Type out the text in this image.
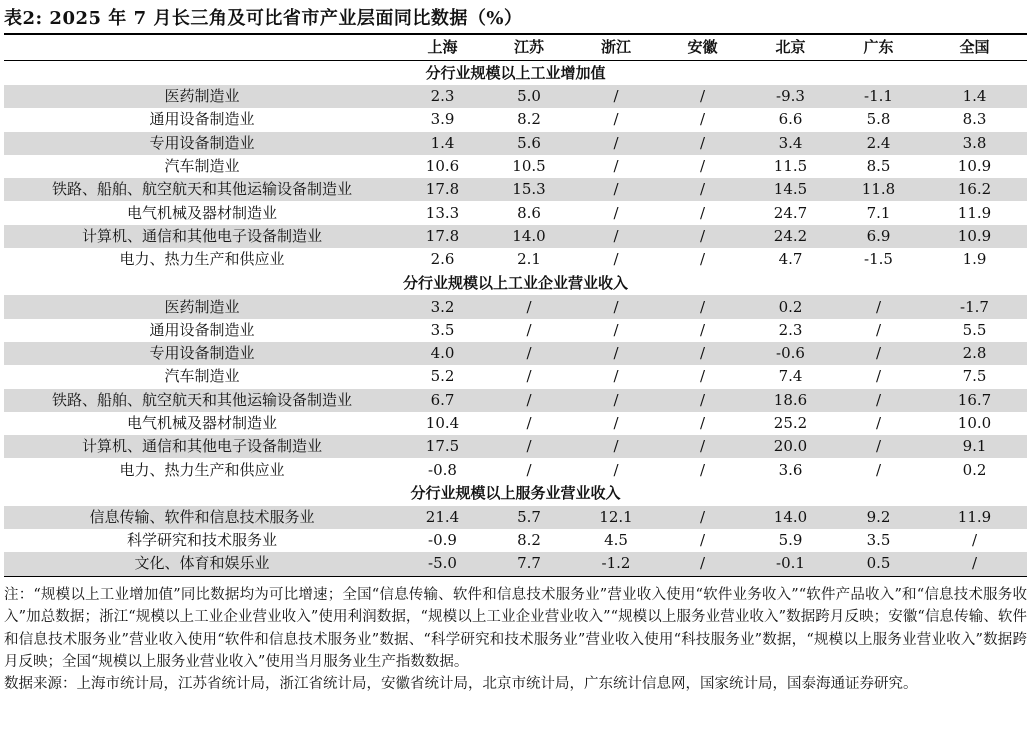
表2: 2025 年 7 月长三角及可比省市产业层面同比数据（%）
	上海	江苏	浙江	安徽	北京	广东	全国
分行业规模以上工业增加值							
医药制造业	2.3	5.0	/	/	-9.3	-1.1	1.4
通用设备制造业	3.9	8.2	/	/	6.6	5.8	8.3
专用设备制造业	1.4	5.6	/	/	3.4	2.4	3.8
汽车制造业	10.6	10.5	/	/	11.5	8.5	10.9
铁路、船舶、航空航天和其他运输设备制造业	17.8	15.3	/	/	14.5	11.8	16.2
电气机械及器材制造业	13.3	8.6	/	/	24.7	7.1	11.9
计算机、通信和其他电子设备制造业	17.8	14.0	/	/	24.2	6.9	10.9
电力、热力生产和供应业	2.6	2.1	/	/	4.7	-1.5	1.9
分行业规模以上工业企业营业收入							
医药制造业	3.2	/	/	/	0.2	/	-1.7
通用设备制造业	3.5	/	/	/	2.3	/	5.5
专用设备制造业	4.0	/	/	/	-0.6	/	2.8
汽车制造业	5.2	/	/	/	7.4	/	7.5
铁路、船舶、航空航天和其他运输设备制造业	6.7	/	/	/	18.6	/	16.7
电气机械及器材制造业	10.4	/	/	/	25.2	/	10.0
计算机、通信和其他电子设备制造业	17.5	/	/	/	20.0	/	9.1
电力、热力生产和供应业	-0.8	/	/	/	3.6	/	0.2
分行业规模以上服务业营业收入							
信息传输、软件和信息技术服务业	21.4	5.7	12.1	/	14.0	9.2	11.9
科学研究和技术服务业	-0.9	8.2	4.5	/	5.9	3.5	/
文化、体育和娱乐业	-5.0	7.7	-1.2	/	-0.1	0.5	/

注：“规模以上工业增加值”同比数据均为可比增速；全国“信息传输、软件和信息技术服务业”营业收入使用“软件业务收入”“软件产品收入”和“信息技术服务收入”加总数据；浙江“规模以上工业企业营业收入”使用利润数据，“规模以上工业企业营业收入”“规模以上服务业营业收入”数据跨月反映；安徽“信息传输、软件和信息技术服务业”营业收入使用“软件和信息技术服务业”数据、“科学研究和技术服务业”营业收入使用“科技服务业”数据，“规模以上服务业营业收入”数据跨月反映；全国“规模以上服务业营业收入”使用当月服务业生产指数数据。

数据来源：上海市统计局，江苏省统计局，浙江省统计局，安徽省统计局，北京市统计局，广东统计信息网，国家统计局，国泰海通证券研究。
